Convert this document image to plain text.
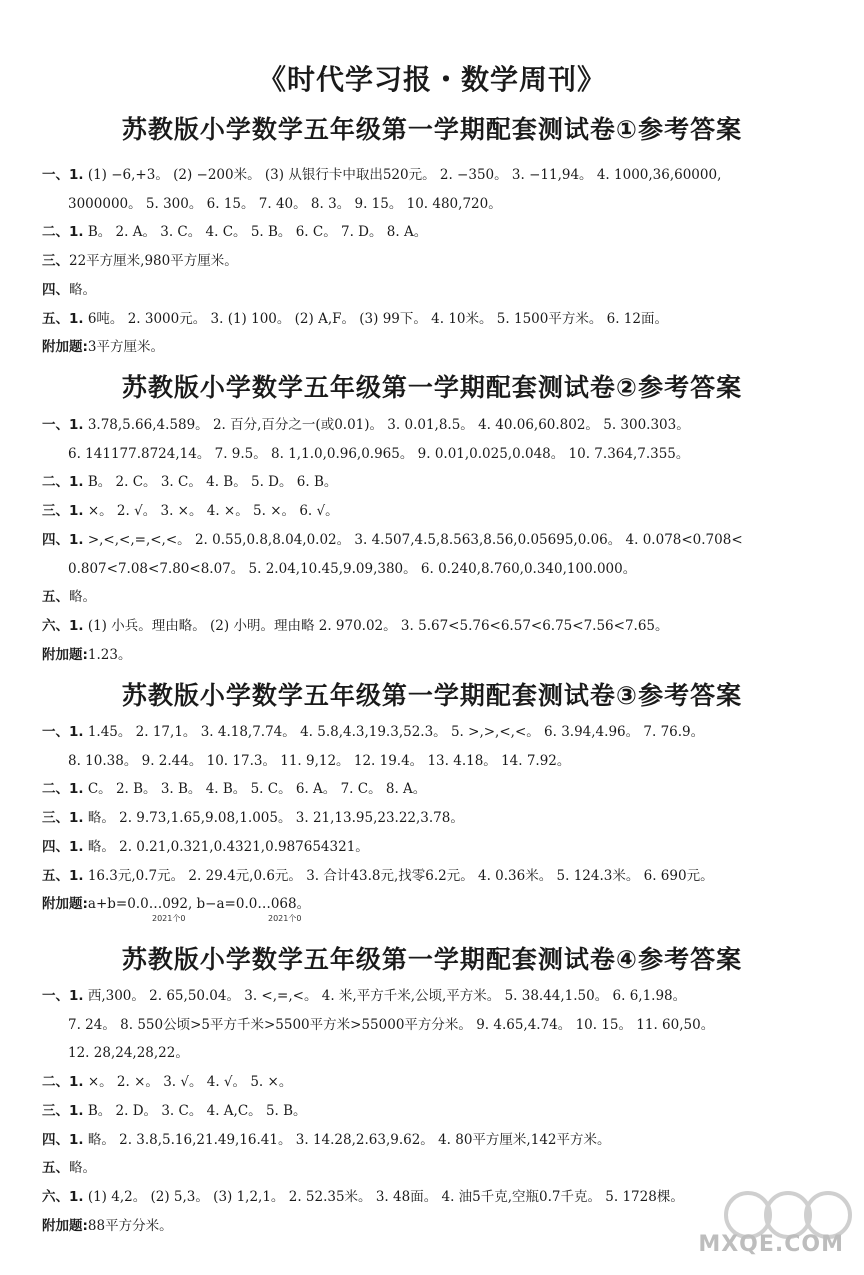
《时代学习报・数学周刊》
苏教版小学数学五年级第一学期配套测试卷①参考答案
一、1. (1) −6,+3。 (2) −200米。 (3) 从银行卡中取出520元。 2. −350。 3. −11,94。 4. 1000,36,60000,
3000000。 5. 300。 6. 15。 7. 40。 8. 3。 9. 15。 10. 480,720。
二、1. B。 2. A。 3. C。 4. C。 5. B。 6. C。 7. D。 8. A。
三、22平方厘米,980平方厘米。
四、略。
五、1. 6吨。 2. 3000元。 3. (1) 100。 (2) A,F。 (3) 99下。 4. 10米。 5. 1500平方米。 6. 12面。
附加题:3平方厘米。
苏教版小学数学五年级第一学期配套测试卷②参考答案
一、1. 3.78,5.66,4.589。 2. 百分,百分之一(或0.01)。 3. 0.01,8.5。 4. 40.06,60.802。 5. 300.303。
6. 141177.8724,14。 7. 9.5。 8. 1,1.0,0.96,0.965。 9. 0.01,0.025,0.048。 10. 7.364,7.355。
二、1. B。 2. C。 3. C。 4. B。 5. D。 6. B。
三、1. ×。 2. √。 3. ×。 4. ×。 5. ×。 6. √。
四、1. >,<,<,=,<,<。 2. 0.55,0.8,8.04,0.02。 3. 4.507,4.5,8.563,8.56,0.05695,0.06。 4. 0.078<0.708<
0.807<7.08<7.80<8.07。 5. 2.04,10.45,9.09,380。 6. 0.240,8.760,0.340,100.000。
五、略。
六、1. (1) 小兵。理由略。 (2) 小明。理由略 2. 970.02。 3. 5.67<5.76<6.57<6.75<7.56<7.65。
附加题:1.23。
苏教版小学数学五年级第一学期配套测试卷③参考答案
一、1. 1.45。 2. 17,1。 3. 4.18,7.74。 4. 5.8,4.3,19.3,52.3。 5. >,>,<,<。 6. 3.94,4.96。 7. 76.9。
8. 10.38。 9. 2.44。 10. 17.3。 11. 9,12。 12. 19.4。 13. 4.18。 14. 7.92。
二、1. C。 2. B。 3. B。 4. B。 5. C。 6. A。 7. C。 8. A。
三、1. 略。 2. 9.73,1.65,9.08,1.005。 3. 21,13.95,23.22,3.78。
四、1. 略。 2. 0.21,0.321,0.4321,0.987654321。
五、1. 16.3元,0.7元。 2. 29.4元,0.6元。 3. 合计43.8元,找零6.2元。 4. 0.36米。 5. 124.3米。 6. 690元。
附加题:a+b=0.0…092, b−a=0.0…068。
2021个0	2021个0
苏教版小学数学五年级第一学期配套测试卷④参考答案
一、1. 西,300。 2. 65,50.04。 3. <,=,<。 4. 米,平方千米,公顷,平方米。 5. 38.44,1.50。 6. 6,1.98。
7. 24。 8. 550公顷>5平方千米>5500平方米>55000平方分米。 9. 4.65,4.74。 10. 15。 11. 60,50。
12. 28,24,28,22。
二、1. ×。 2. ×。 3. √。 4. √。 5. ×。
三、1. B。 2. D。 3. C。 4. A,C。 5. B。
四、1. 略。 2. 3.8,5.16,21.49,16.41。 3. 14.28,2.63,9.62。 4. 80平方厘米,142平方米。
五、略。
六、1. (1) 4,2。 (2) 5,3。 (3) 1,2,1。 2. 52.35米。 3. 48面。 4. 油5千克,空瓶0.7千克。 5. 1728棵。
附加题:88平方分米。
MXQE.COM
